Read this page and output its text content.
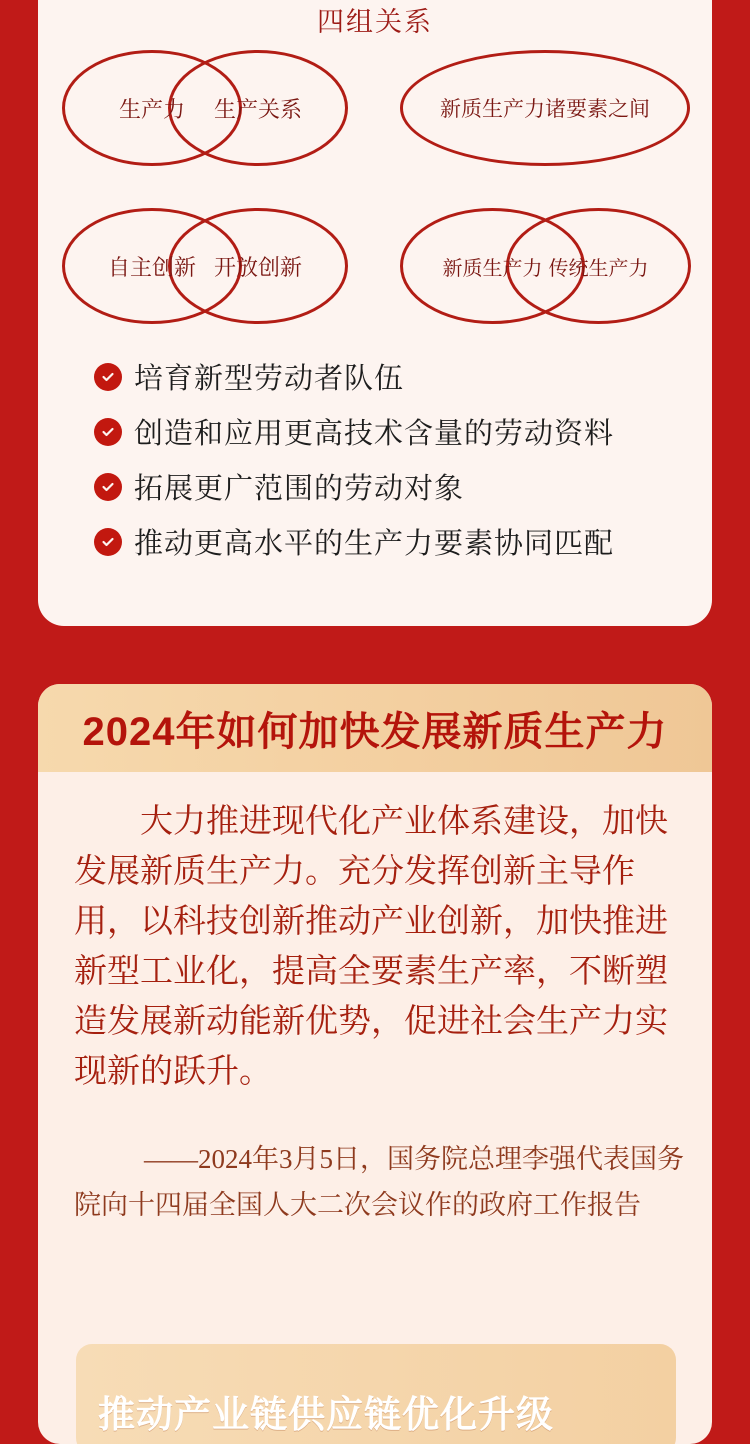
四组关系
生产力 生产关系	新质生产力诸要素之间
自主创新 开放创新	新质生产力 传统生产力
培育新型劳动者队伍
创造和应用更高技术含量的劳动资料
拓展更广范围的劳动对象
推动更高水平的生产力要素协同匹配
2024年如何加快发展新质生产力
大力推进现代化产业体系建设，加快发展新质生产力。充分发挥创新主导作用，以科技创新推动产业创新，加快推进新型工业化，提高全要素生产率，不断塑造发展新动能新优势，促进社会生产力实现新的跃升。
——2024年3月5日，国务院总理李强代表国务院向十四届全国人大二次会议作的政府工作报告
推动产业链供应链优化升级
